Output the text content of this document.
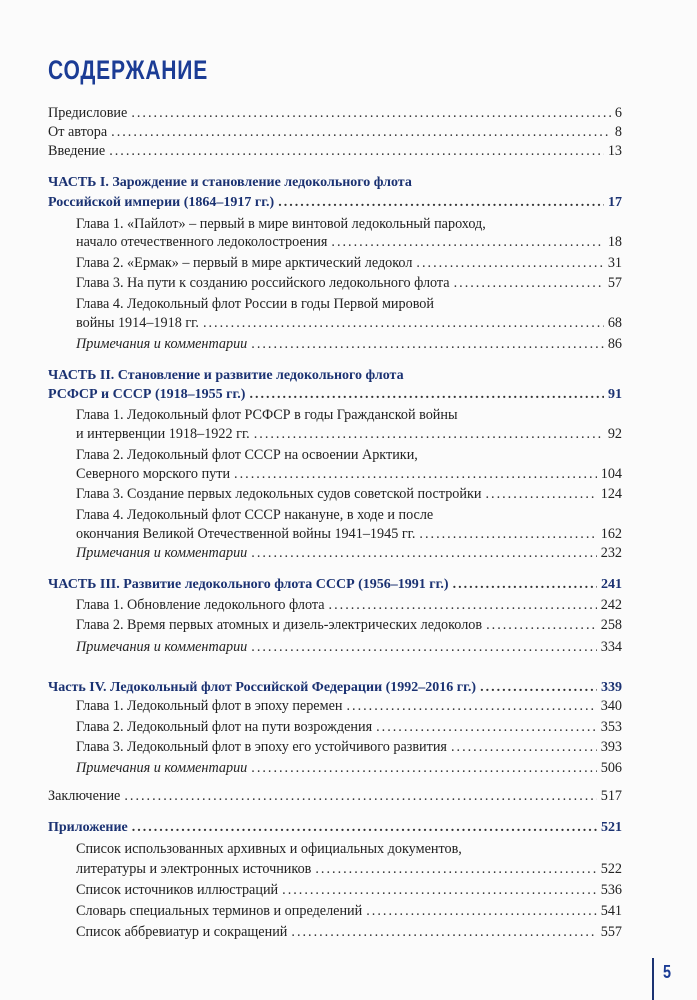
СОДЕРЖАНИЕ
Предисловие .....	6
От автора .....	8
Введение .....	13
ЧАСТЬ I. Зарождение и становление ледокольного флота
Российской империи (1864–1917 гг.) .....	17
Глава 1. «Пайлот» – первый в мире винтовой ледокольный пароход,
начало отечественного ледоколостроения .....	18
Глава 2. «Ермак» – первый в мире арктический ледокол .....	31
Глава 3. На пути к созданию российского ледокольного флота .....	57
Глава 4. Ледокольный флот России в годы Первой мировой
войны 1914–1918 гг. .....	68
Примечания и комментарии .....	86
ЧАСТЬ II. Становление и развитие ледокольного флота
РСФСР и СССР (1918–1955 гг.) .....	91
Глава 1. Ледокольный флот РСФСР в годы Гражданской войны
и интервенции 1918–1922 гг. .....	92
Глава 2. Ледокольный флот СССР на освоении Арктики,
Северного морского пути .....	104
Глава 3. Создание первых ледокольных судов советской постройки .....	124
Глава 4. Ледокольный флот СССР накануне, в ходе и после
окончания Великой Отечественной войны 1941–1945 гг. .....	162
Примечания и комментарии .....	232
ЧАСТЬ III. Развитие ледокольного флота СССР (1956–1991 гг.) .....	241
Глава 1. Обновление ледокольного флота .....	242
Глава 2. Время первых атомных и дизель-электрических ледоколов .....	258
Примечания и комментарии .....	334
Часть IV. Ледокольный флот Российской Федерации (1992–2016 гг.) .....	339
Глава 1. Ледокольный флот в эпоху перемен .....	340
Глава 2. Ледокольный флот на пути возрождения .....	353
Глава 3. Ледокольный флот в эпоху его устойчивого развития .....	393
Примечания и комментарии .....	506
Заключение .....	517
Приложение .....	521
Список использованных архивных и официальных документов,
литературы и электронных источников .....	522
Список источников иллюстраций .....	536
Словарь специальных терминов и определений .....	541
Список аббревиатур и сокращений .....	557
5
